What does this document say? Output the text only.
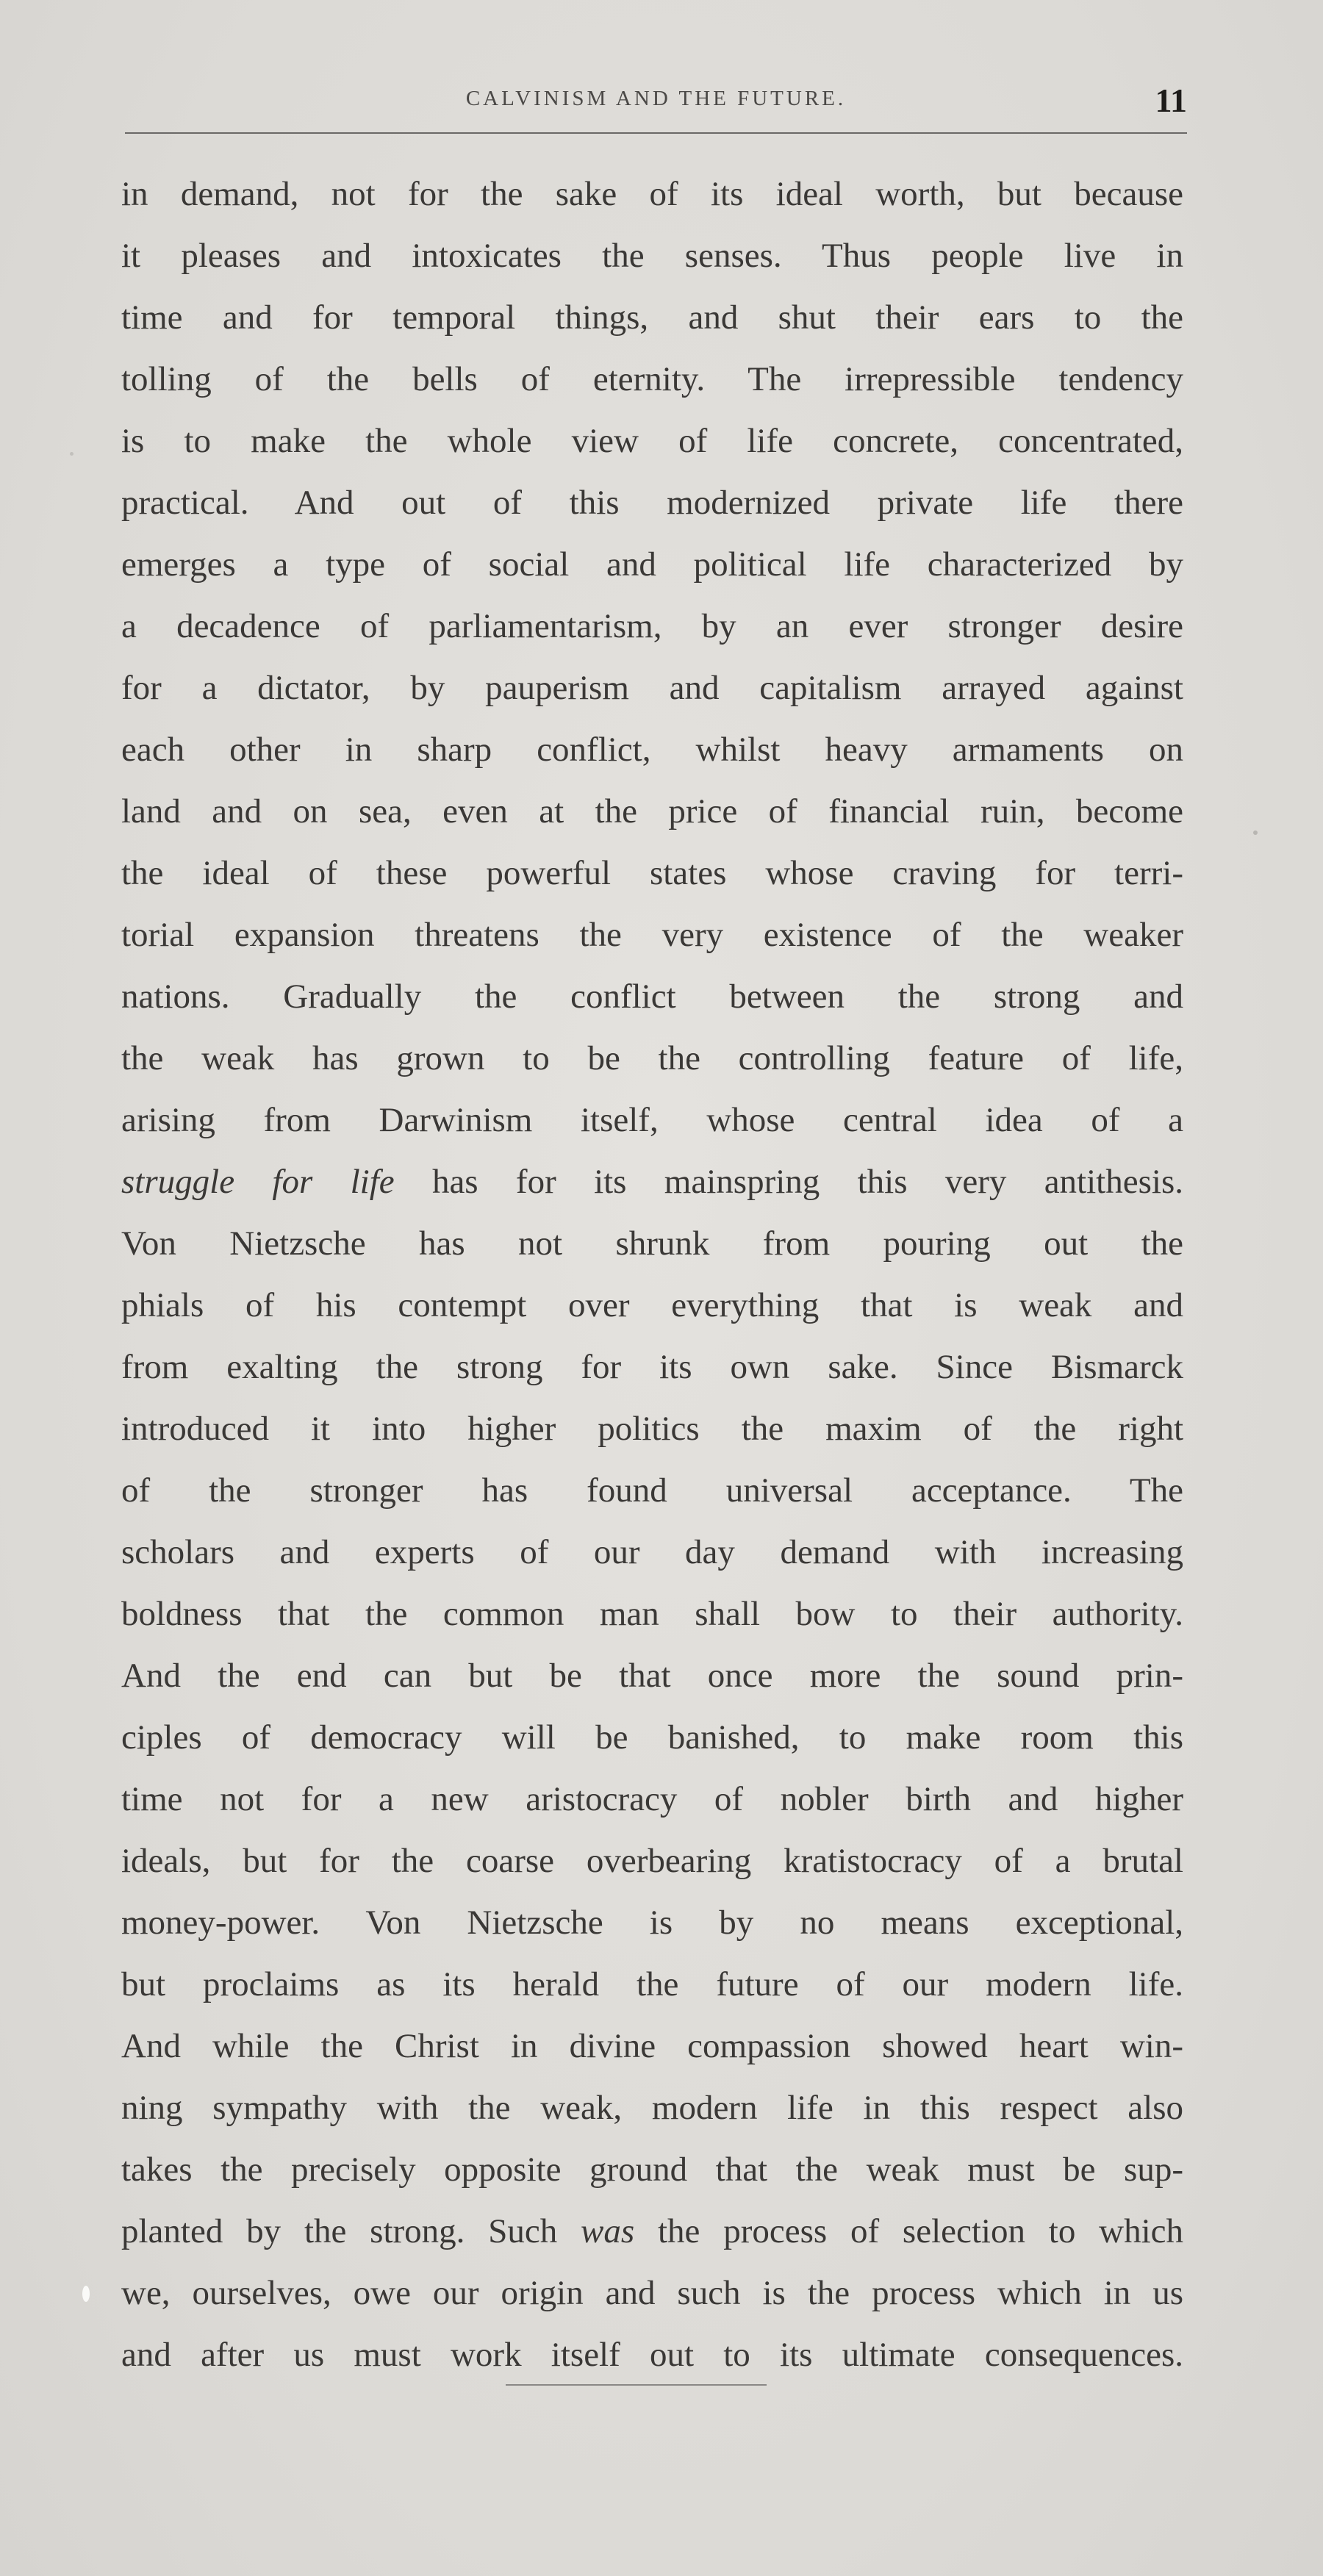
CALVINISM AND THE FUTURE.	11
in demand, not for the sake of its ideal worth, but because
it pleases and intoxicates the senses. Thus people live in
time and for temporal things, and shut their ears to the
tolling of the bells of eternity. The irrepressible tendency
is to make the whole view of life concrete, concentrated,
practical. And out of this modernized private life there
emerges a type of social and political life characterized by
a decadence of parliamentarism, by an ever stronger desire
for a dictator, by pauperism and capitalism arrayed against
each other in sharp conflict, whilst heavy armaments on
land and on sea, even at the price of financial ruin, become
the ideal of these powerful states whose craving for terri-
torial expansion threatens the very existence of the weaker
nations. Gradually the conflict between the strong and
the weak has grown to be the controlling feature of life,
arising from Darwinism itself, whose central idea of a
struggle for life has for its mainspring this very antithesis.
Von Nietzsche has not shrunk from pouring out the
phials of his contempt over everything that is weak and
from exalting the strong for its own sake. Since Bismarck
introduced it into higher politics the maxim of the right
of the stronger has found universal acceptance. The
scholars and experts of our day demand with increasing
boldness that the common man shall bow to their authority.
And the end can but be that once more the sound prin-
ciples of democracy will be banished, to make room this
time not for a new aristocracy of nobler birth and higher
ideals, but for the coarse overbearing kratistocracy of a brutal
money-power. Von Nietzsche is by no means exceptional,
but proclaims as its herald the future of our modern life.
And while the Christ in divine compassion showed heart win-
ning sympathy with the weak, modern life in this respect also
takes the precisely opposite ground that the weak must be sup-
planted by the strong. Such was the process of selection to which
we, ourselves, owe our origin and such is the process which in us
and after us must work itself out to its ultimate consequences.
